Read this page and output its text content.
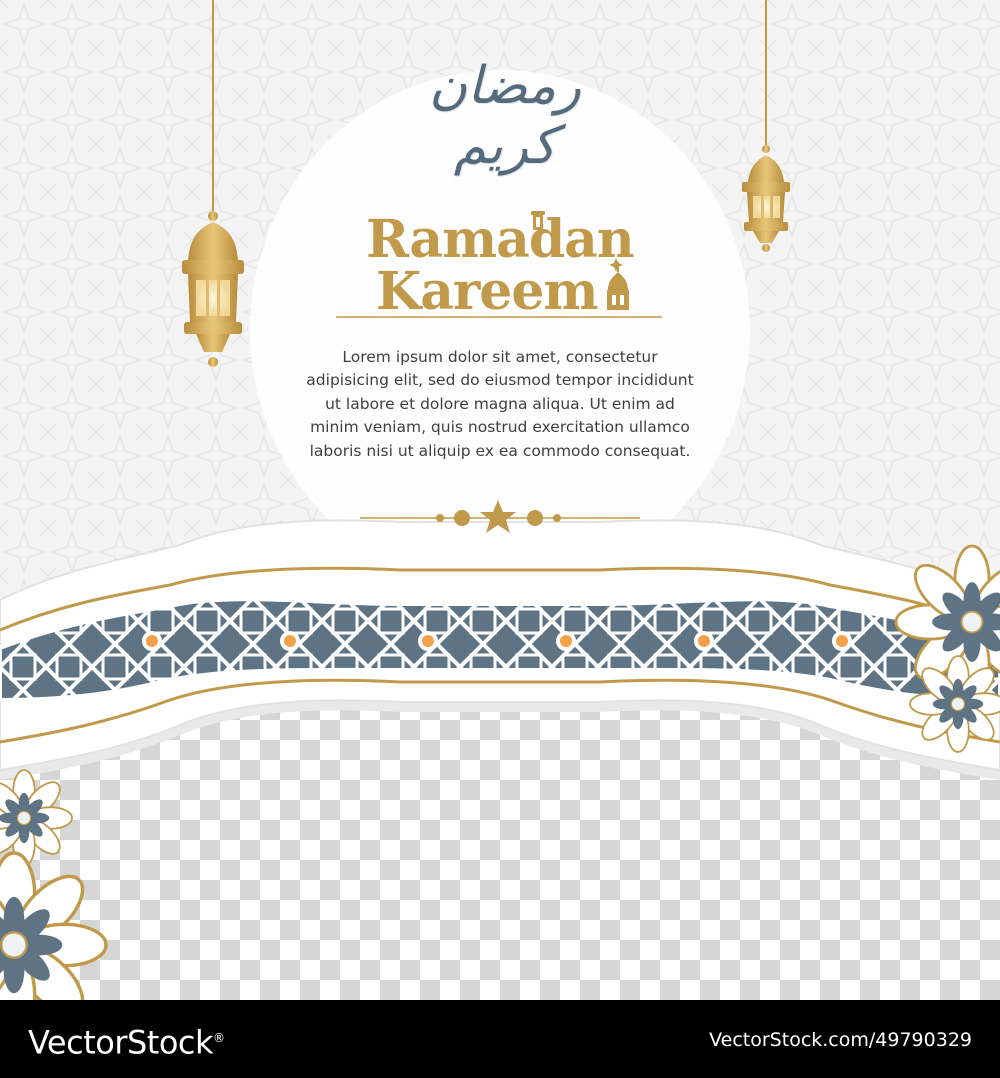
رمضان كريم
Ramadan
Kareem
Lorem ipsum dolor sit amet, consectetur adipisicing elit, sed do eiusmod tempor incididunt ut labore et dolore magna aliqua. Ut enim ad minim veniam, quis nostrud exercitation ullamco laboris nisi ut aliquip ex ea commodo consequat.
VectorStock®	VectorStock.com/49790329
